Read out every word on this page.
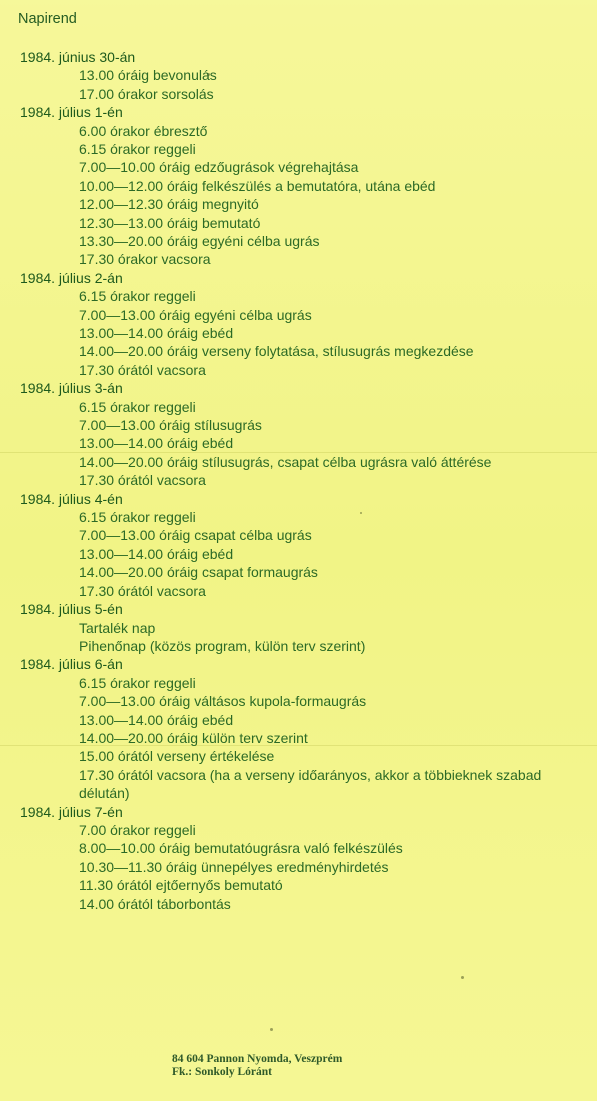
Napirend
1984. június 30-án
13.00 óráig bevonulás
17.00 órakor sorsolás
1984. július 1-én
6.00 órakor ébresztő
6.15 órakor reggeli
7.00—10.00 óráig edzőugrások végrehajtása
10.00—12.00 óráig felkészülés a bemutatóra, utána ebéd
12.00—12.30 óráig megnyitó
12.30—13.00 óráig bemutató
13.30—20.00 óráig egyéni célba ugrás
17.30 órakor vacsora
1984. július 2-án
6.15 órakor reggeli
7.00—13.00 óráig egyéni célba ugrás
13.00—14.00 óráig ebéd
14.00—20.00 óráig verseny folytatása, stílusugrás megkezdése
17.30 órától vacsora
1984. július 3-án
6.15 órakor reggeli
7.00—13.00 óráig stílusugrás
13.00—14.00 óráig ebéd
14.00—20.00 óráig stílusugrás, csapat célba ugrásra való áttérése
17.30 órától vacsora
1984. július 4-én
6.15 órakor reggeli
7.00—13.00 óráig csapat célba ugrás
13.00—14.00 óráig ebéd
14.00—20.00 óráig csapat formaugrás
17.30 órától vacsora
1984. július 5-én
Tartalék nap
Pihenőnap (közös program, külön terv szerint)
1984. július 6-án
6.15 órakor reggeli
7.00—13.00 óráig váltásos kupola-formaugrás
13.00—14.00 óráig ebéd
14.00—20.00 óráig külön terv szerint
15.00 órától verseny értékelése
17.30 órától vacsora (ha a verseny időarányos, akkor a többieknek szabad délután)
1984. július 7-én
7.00 órakor reggeli
8.00—10.00 óráig bemutatóugrásra való felkészülés
10.30—11.30 óráig ünnepélyes eredményhirdetés
11.30 órától ejtőernyős bemutató
14.00 órától táborbontás
84 604 Pannon Nyomda, Veszprém
Fk.: Sonkoly Lóránt
